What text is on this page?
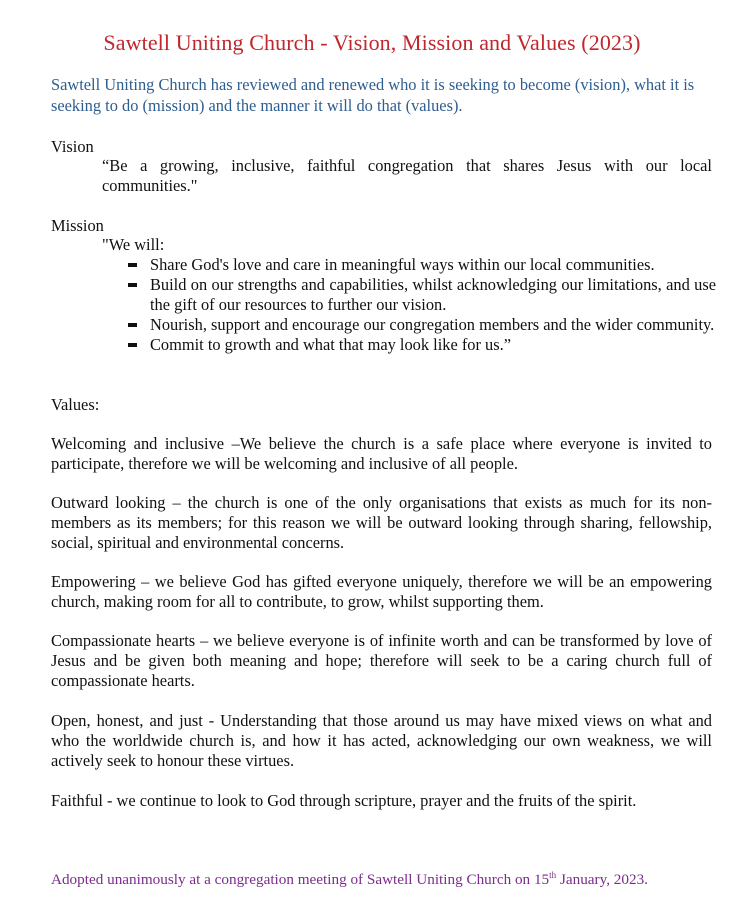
Sawtell Uniting Church - Vision, Mission and Values (2023)
Sawtell Uniting Church has reviewed and renewed who it is seeking to become (vision), what it is seeking to do (mission) and the manner it will do that (values).
Vision
“Be a growing, inclusive, faithful congregation that shares Jesus with our local communities."
Mission
"We will:
Share God's love and care in meaningful ways within our local communities.
Build on our strengths and capabilities, whilst acknowledging our limitations, and use the gift of our resources to further our vision.
Nourish, support and encourage our congregation members and the wider community.
Commit to growth and what that may look like for us.”
Values:
Welcoming and inclusive –We believe the church is a safe place where everyone is invited to participate, therefore we will be welcoming and inclusive of all people.
Outward looking – the church is one of the only organisations that exists as much for its non-members as its members; for this reason we will be outward looking through sharing, fellowship, social, spiritual and environmental concerns.
Empowering – we believe God has gifted everyone uniquely, therefore we will be an empowering church, making room for all to contribute, to grow, whilst supporting them.
Compassionate hearts – we believe everyone is of infinite worth and can be transformed by love of Jesus and be given both meaning and hope; therefore will seek to be a caring church full of compassionate hearts.
Open, honest, and just - Understanding that those around us may have mixed views on what and who the worldwide church is, and how it has acted, acknowledging our own weakness, we will actively seek to honour these virtues.
Faithful - we continue to look to God through scripture, prayer and the fruits of the spirit.
Adopted unanimously at a congregation meeting of Sawtell Uniting Church on 15th January, 2023.
